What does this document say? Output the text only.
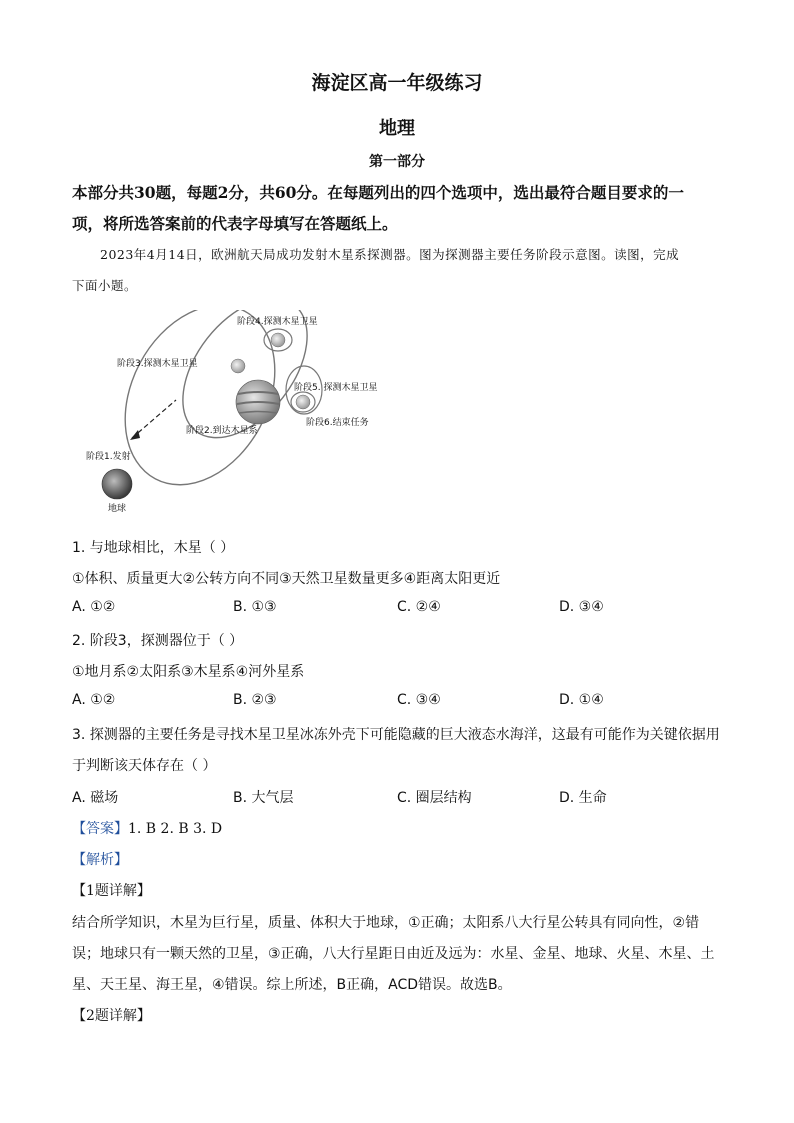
海淀区高一年级练习
地理
第一部分
本部分共30题，每题2分，共60分。在每题列出的四个选项中，选出最符合题目要求的一
项，将所选答案前的代表字母填写在答题纸上。
2023年4月14日，欧洲航天局成功发射木星系探测器。图为探测器主要任务阶段示意图。读图，完成
下面小题。
阶段4.探测木星卫星
阶段3.探测木星卫星
阶段5. 探测木星卫星
阶段6.结束任务
阶段2.到达木星系
阶段1.发射
地球
1. 与地球相比，木星（ ）
①体积、质量更大②公转方向不同③天然卫星数量更多④距离太阳更近
A. ①②	B. ①③	C. ②④	D. ③④
2. 阶段3，探测器位于（ ）
①地月系②太阳系③木星系④河外星系
A. ①②	B. ②③	C. ③④	D. ①④
3. 探测器的主要任务是寻找木星卫星冰冻外壳下可能隐藏的巨大液态水海洋，这最有可能作为关键依据用
于判断该天体存在（ ）
A. 磁场	B. 大气层	C. 圈层结构	D. 生命
【答案】1. B 2. B 3. D
【解析】
【1题详解】
结合所学知识，木星为巨行星，质量、体积大于地球，①正确；太阳系八大行星公转具有同向性，②错
误；地球只有一颗天然的卫星，③正确，八大行星距日由近及远为：水星、金星、地球、火星、木星、土
星、天王星、海王星，④错误。综上所述，B正确，ACD错误。故选B。
【2题详解】
